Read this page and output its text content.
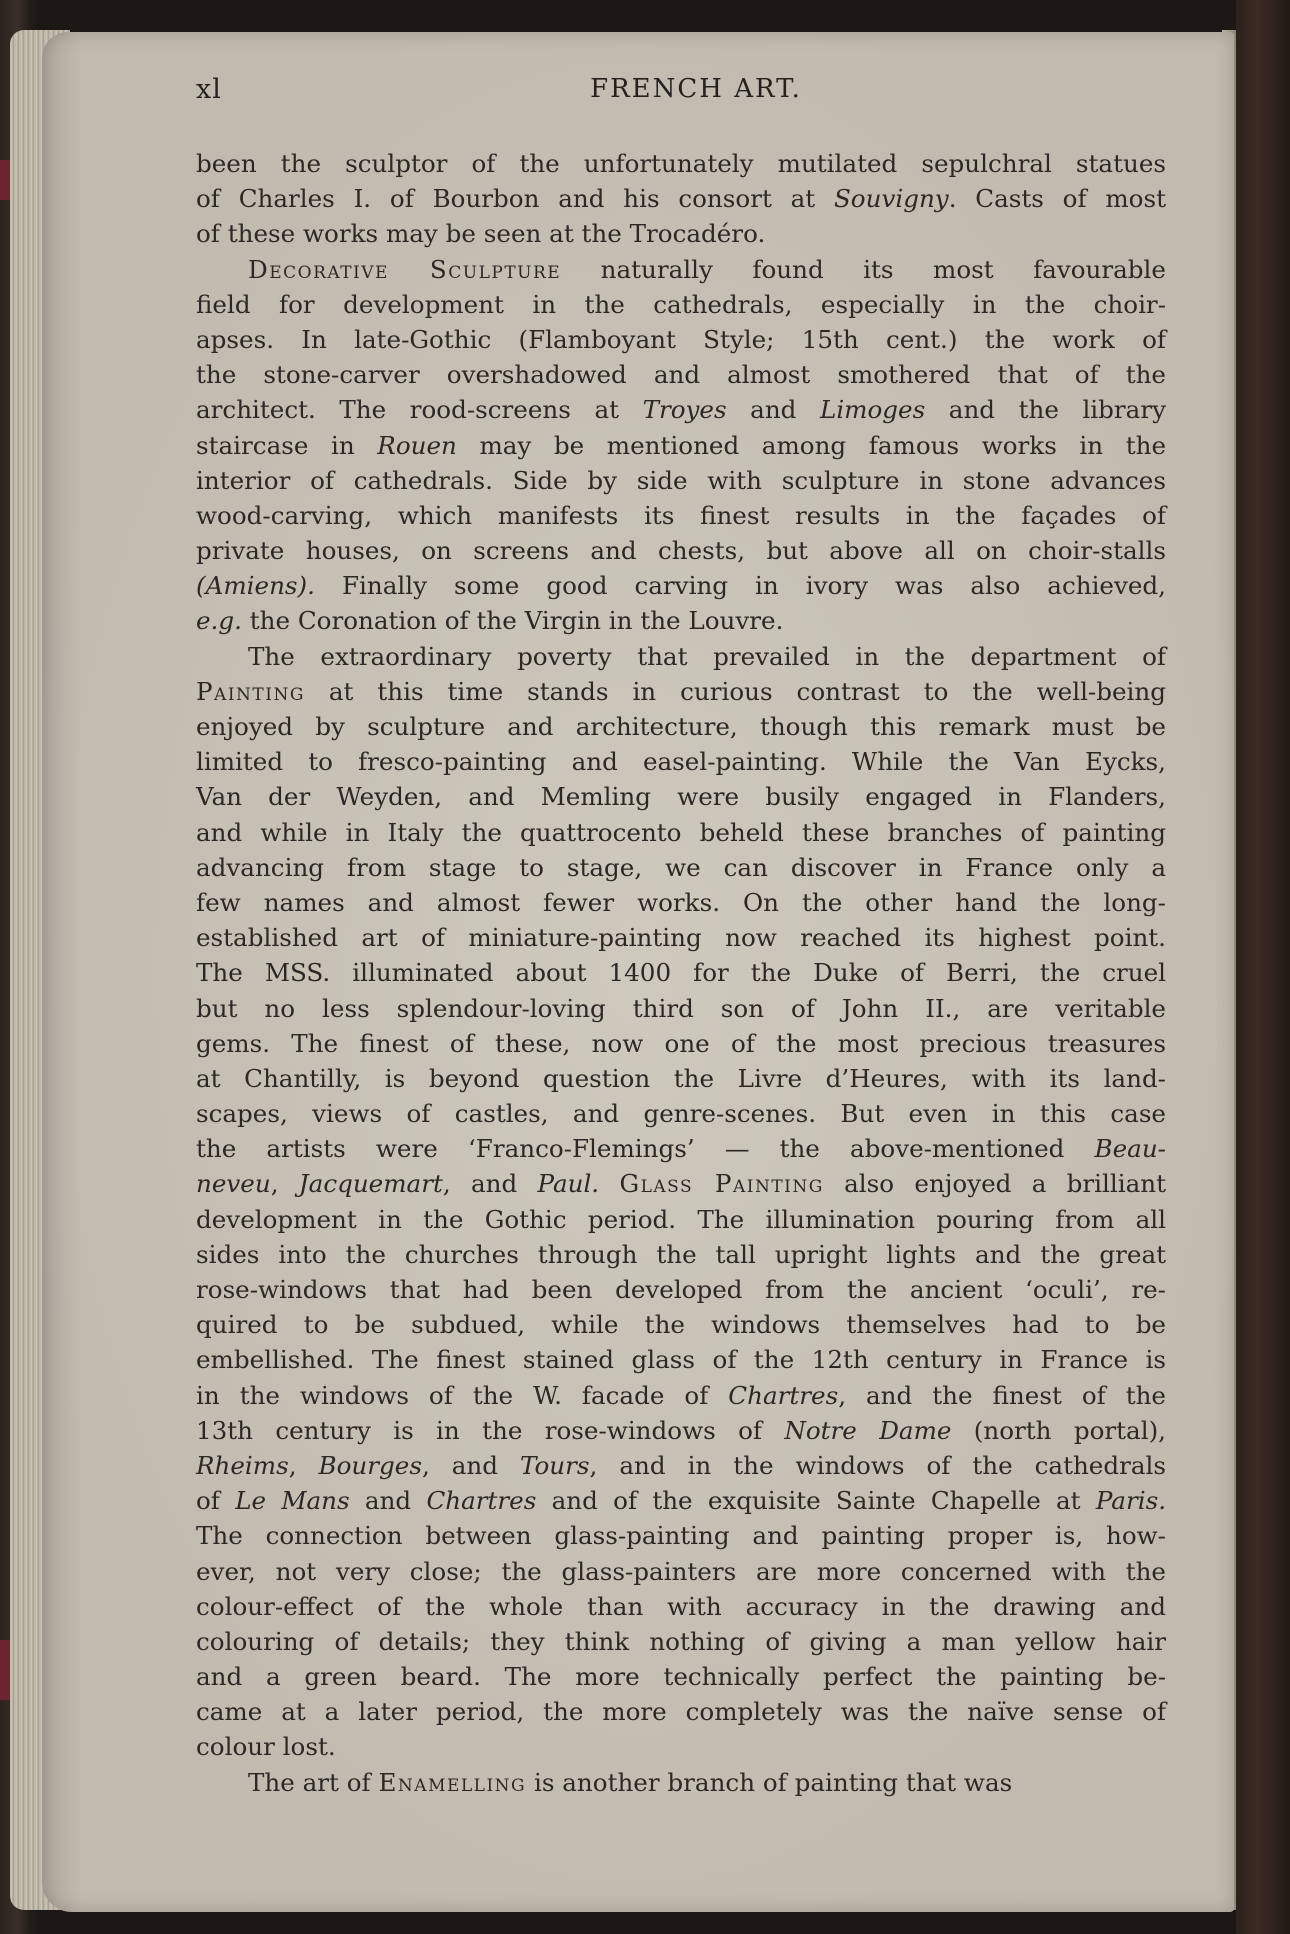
xl	FRENCH ART.
been the sculptor of the unfortunately mutilated sepulchral statues
of Charles I. of Bourbon and his consort at Souvigny. Casts of most
of these works may be seen at the Trocadéro.
Decorative Sculpture naturally found its most favourable
field for development in the cathedrals, especially in the choir-
apses. In late-Gothic (Flamboyant Style; 15th cent.) the work of
the stone-carver overshadowed and almost smothered that of the
architect. The rood-screens at Troyes and Limoges and the library
staircase in Rouen may be mentioned among famous works in the
interior of cathedrals. Side by side with sculpture in stone advances
wood-carving, which manifests its finest results in the façades of
private houses, on screens and chests, but above all on choir-stalls
(Amiens). Finally some good carving in ivory was also achieved,
e.g. the Coronation of the Virgin in the Louvre.
The extraordinary poverty that prevailed in the department of
Painting at this time stands in curious contrast to the well-being
enjoyed by sculpture and architecture, though this remark must be
limited to fresco-painting and easel-painting. While the Van Eycks,
Van der Weyden, and Memling were busily engaged in Flanders,
and while in Italy the quattrocento beheld these branches of painting
advancing from stage to stage, we can discover in France only a
few names and almost fewer works. On the other hand the long-
established art of miniature-painting now reached its highest point.
The MSS. illuminated about 1400 for the Duke of Berri, the cruel
but no less splendour-loving third son of John II., are veritable
gems. The finest of these, now one of the most precious treasures
at Chantilly, is beyond question the Livre d’Heures, with its land-
scapes, views of castles, and genre-scenes. But even in this case
the artists were ‘Franco-Flemings’ — the above-mentioned Beau-
neveu, Jacquemart, and Paul. Glass Painting also enjoyed a brilliant
development in the Gothic period. The illumination pouring from all
sides into the churches through the tall upright lights and the great
rose-windows that had been developed from the ancient ‘oculi’, re-
quired to be subdued, while the windows themselves had to be
embellished. The finest stained glass of the 12th century in France is
in the windows of the W. facade of Chartres, and the finest of the
13th century is in the rose-windows of Notre Dame (north portal),
Rheims, Bourges, and Tours, and in the windows of the cathedrals
of Le Mans and Chartres and of the exquisite Sainte Chapelle at Paris.
The connection between glass-painting and painting proper is, how-
ever, not very close; the glass-painters are more concerned with the
colour-effect of the whole than with accuracy in the drawing and
colouring of details; they think nothing of giving a man yellow hair
and a green beard. The more technically perfect the painting be-
came at a later period, the more completely was the naïve sense of
colour lost.
The art of Enamelling is another branch of painting that was
